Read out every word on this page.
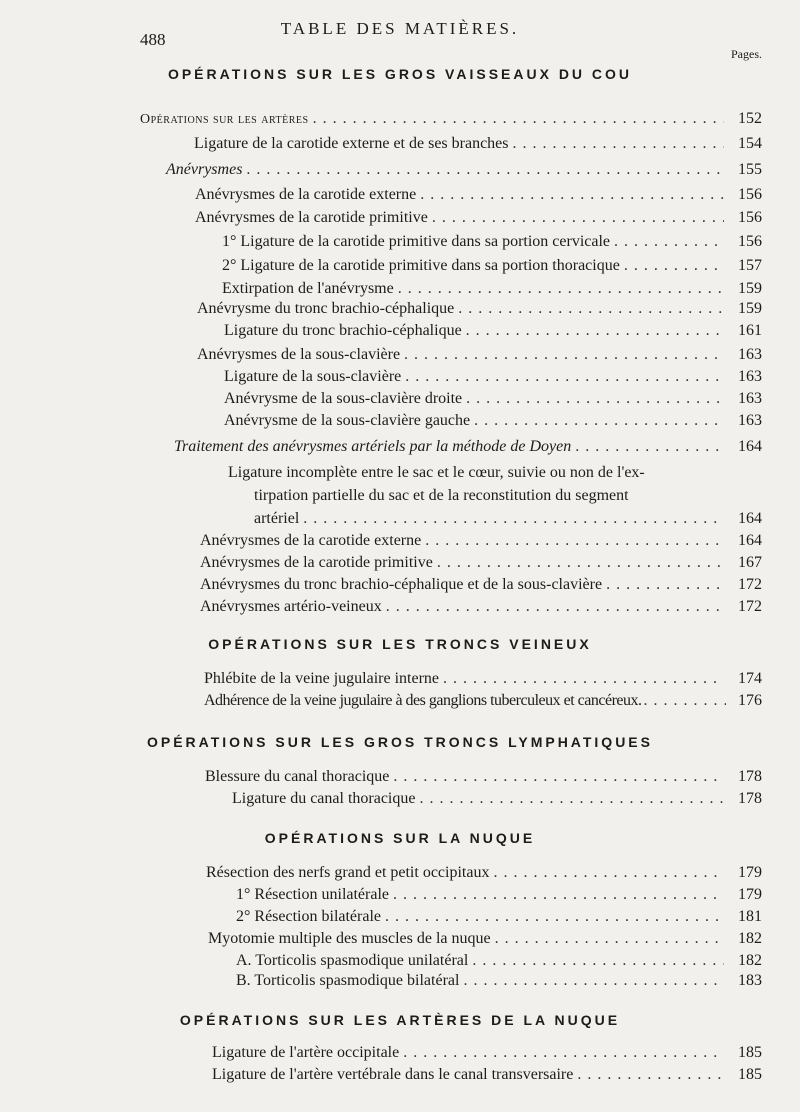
488
TABLE DES MATIÈRES.
Pages.
OPÉRATIONS SUR LES GROS VAISSEAUX DU COU
Opérations sur les artères . . .	152
Ligature de la carotide externe et de ses branches . . .	154
Anévrysmes . . .	155
Anévrysmes de la carotide externe . . .	156
Anévrysmes de la carotide primitive . . .	156
1° Ligature de la carotide primitive dans sa portion cervicale . . .	156
2° Ligature de la carotide primitive dans sa portion thoracique . . .	157
Extirpation de l'anévrysme . . .	159
Anévrysme du tronc brachio-céphalique . . .	159
Ligature du tronc brachio-céphalique . . .	161
Anévrysmes de la sous-clavière . . .	163
Ligature de la sous-clavière . . .	163
Anévrysme de la sous-clavière droite . . .	163
Anévrysme de la sous-clavière gauche . . .	163
Traitement des anévrysmes artériels par la méthode de Doyen . . .	164
Ligature incomplète entre le sac et le cœur, suivie ou non de l'ex-
tirpation partielle du sac et de la reconstitution du segment
artériel . . .	164
Anévrysmes de la carotide externe . . .	164
Anévrysmes de la carotide primitive . . .	167
Anévrysmes du tronc brachio-céphalique et de la sous-clavière . . .	172
Anévrysmes artério-veineux . . .	172
OPÉRATIONS SUR LES TRONCS VEINEUX
Phlébite de la veine jugulaire interne . . .	174
Adhérence de la veine jugulaire à des ganglions tuberculeux et cancéreux. . . .	176
OPÉRATIONS SUR LES GROS TRONCS LYMPHATIQUES
Blessure du canal thoracique . . .	178
Ligature du canal thoracique . . .	178
OPÉRATIONS SUR LA NUQUE
Résection des nerfs grand et petit occipitaux . . .	179
1° Résection unilatérale . . .	179
2° Résection bilatérale . . .	181
Myotomie multiple des muscles de la nuque . . .	182
A. Torticolis spasmodique unilatéral . . .	182
B. Torticolis spasmodique bilatéral . . .	183
OPÉRATIONS SUR LES ARTÈRES DE LA NUQUE
Ligature de l'artère occipitale . . .	185
Ligature de l'artère vertébrale dans le canal transversaire . . .	185
